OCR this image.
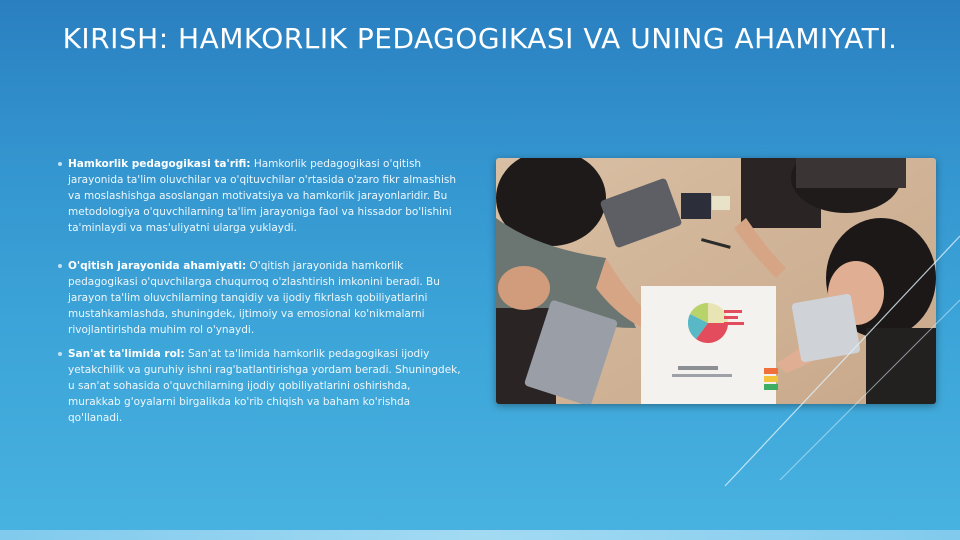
KIRISH: HAMKORLIK PEDAGOGIKASI VA UNING AHAMIYATI.
Hamkorlik pedagogikasi ta'rifi: Hamkorlik pedagogikasi o'qitish jarayonida ta'lim oluvchilar va o'qituvchilar o'rtasida o'zaro fikr almashish va moslashishga asoslangan motivatsiya va hamkorlik jarayonlaridir. Bu metodologiya o'quvchilarning ta'lim jarayoniga faol va hissador bo'lishini ta'minlaydi va mas'uliyatni ularga yuklaydi.
O'qitish jarayonida ahamiyati: O'qitish jarayonida hamkorlik pedagogikasi o'quvchilarga chuqurroq o'zlashtirish imkonini beradi. Bu jarayon ta'lim oluvchilarning tanqidiy va ijodiy fikrlash qobiliyatlarini mustahkamlashda, shuningdek, ijtimoiy va emosional ko'nikmalarni rivojlantirishda muhim rol o'ynaydi.
San'at ta'limida rol: San'at ta'limida hamkorlik pedagogikasi ijodiy yetakchilik va guruhiy ishni rag'batlantirishga yordam beradi. Shuningdek, u san'at sohasida o'quvchilarning ijodiy qobiliyatlarini oshirishda, murakkab g'oyalarni birgalikda ko'rib chiqish va baham ko'rishda qo'llanadi.
